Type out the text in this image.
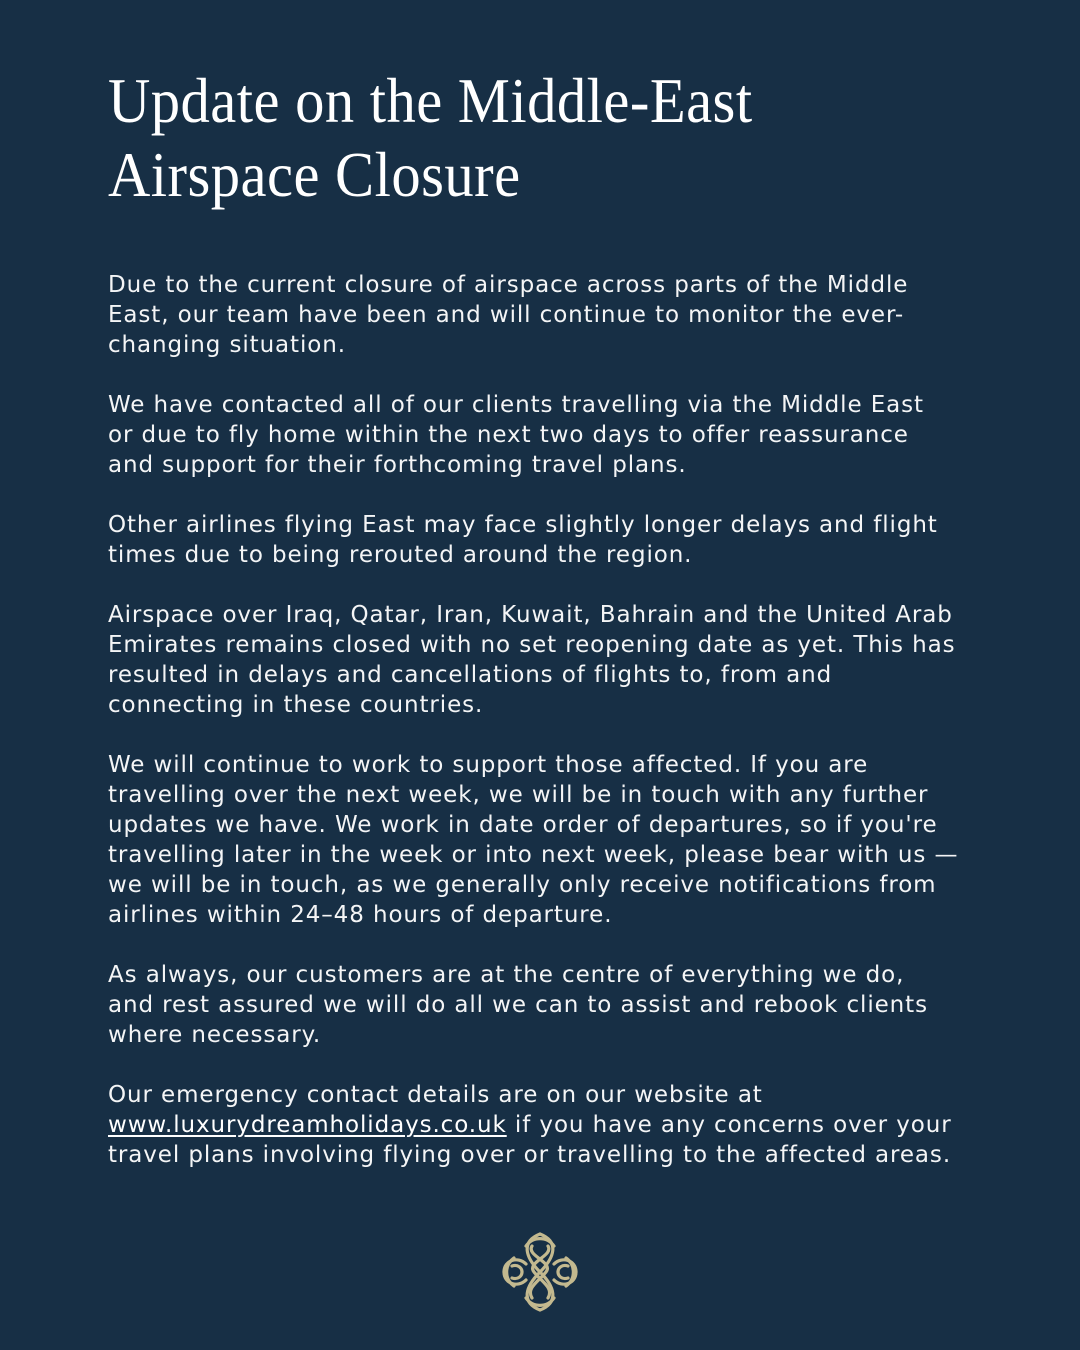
Update on the Middle-East
Airspace Closure

Due to the current closure of airspace across parts of the Middle
East, our team have been and will continue to monitor the ever-
changing situation.

We have contacted all of our clients travelling via the Middle East
or due to fly home within the next two days to offer reassurance
and support for their forthcoming travel plans.

Other airlines flying East may face slightly longer delays and flight
times due to being rerouted around the region.

Airspace over Iraq, Qatar, Iran, Kuwait, Bahrain and the United Arab
Emirates remains closed with no set reopening date as yet. This has
resulted in delays and cancellations of flights to, from and
connecting in these countries.

We will continue to work to support those affected. If you are
travelling over the next week, we will be in touch with any further
updates we have. We work in date order of departures, so if you're
travelling later in the week or into next week, please bear with us —
we will be in touch, as we generally only receive notifications from
airlines within 24–48 hours of departure.

As always, our customers are at the centre of everything we do,
and rest assured we will do all we can to assist and rebook clients
where necessary.

Our emergency contact details are on our website at
www.luxurydreamholidays.co.uk if you have any concerns over your
travel plans involving flying over or travelling to the affected areas.
